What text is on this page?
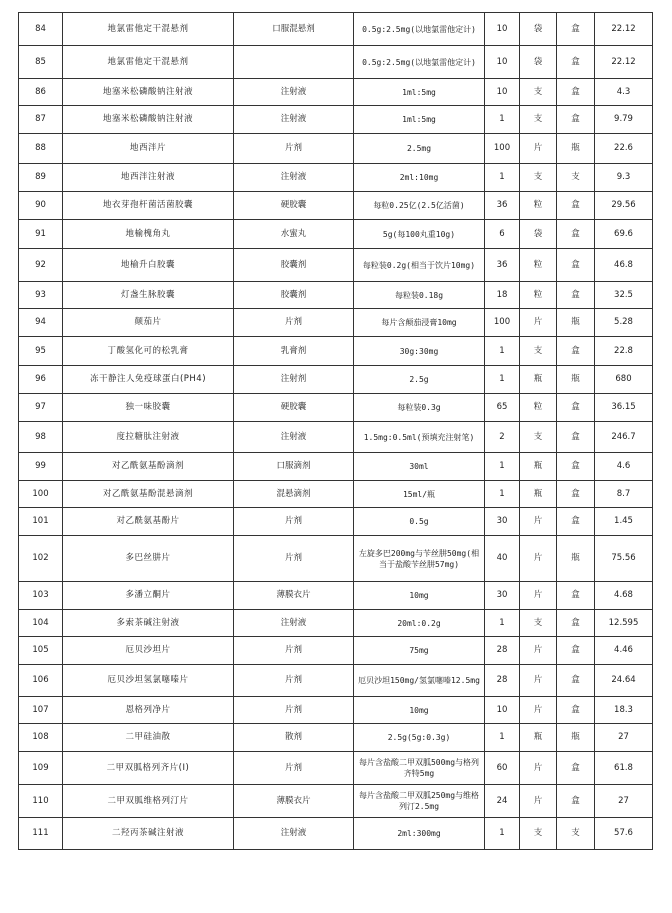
84	地氯雷他定干混悬剂	口服混悬剂	0.5g:2.5mg(以地氯雷他定计)	10	袋	盒	22.12
85	地氯雷他定干混悬剂		0.5g:2.5mg(以地氯雷他定计)	10	袋	盒	22.12
86	地塞米松磷酸钠注射液	注射液	1ml:5mg	10	支	盒	4.3
87	地塞米松磷酸钠注射液	注射液	1ml:5mg	1	支	盒	9.79
88	地西泮片	片剂	2.5mg	100	片	瓶	22.6
89	地西泮注射液	注射液	2ml:10mg	1	支	支	9.3
90	地衣芽孢杆菌活菌胶囊	硬胶囊	每粒0.25亿(2.5亿活菌)	36	粒	盒	29.56
91	地榆槐角丸	水蜜丸	5g(每100丸重10g)	6	袋	盒	69.6
92	地榆升白胶囊	胶囊剂	每粒装0.2g(相当于饮片10mg)	36	粒	盒	46.8
93	灯盏生脉胶囊	胶囊剂	每粒装0.18g	18	粒	盒	32.5
94	颠茄片	片剂	每片含颠茄浸膏10mg	100	片	瓶	5.28
95	丁酸氢化可的松乳膏	乳膏剂	30g:30mg	1	支	盒	22.8
96	冻干静注人免疫球蛋白(PH4)	注射剂	2.5g	1	瓶	瓶	680
97	独一味胶囊	硬胶囊	每粒装0.3g	65	粒	盒	36.15
98	度拉糖肽注射液	注射液	1.5mg:0.5ml(预填充注射笔)	2	支	盒	246.7
99	对乙酰氨基酚滴剂	口服滴剂	30ml	1	瓶	盒	4.6
100	对乙酰氨基酚混悬滴剂	混悬滴剂	15ml/瓶	1	瓶	盒	8.7
101	对乙酰氨基酚片	片剂	0.5g	30	片	盒	1.45
102	多巴丝肼片	片剂	左旋多巴200mg与苄丝肼50mg(相当于盐酸苄丝肼57mg)	40	片	瓶	75.56
103	多潘立酮片	薄膜衣片	10mg	30	片	盒	4.68
104	多索茶碱注射液	注射液	20ml:0.2g	1	支	盒	12.595
105	厄贝沙坦片	片剂	75mg	28	片	盒	4.46
106	厄贝沙坦氢氯噻嗪片	片剂	厄贝沙坦150mg/氢氯噻嗪12.5mg	28	片	盒	24.64
107	恩格列净片	片剂	10mg	10	片	盒	18.3
108	二甲硅油散	散剂	2.5g(5g:0.3g)	1	瓶	瓶	27
109	二甲双胍格列齐片(Ⅰ)	片剂	每片含盐酸二甲双胍500mg与格列齐特5mg	60	片	盒	61.8
110	二甲双胍维格列汀片	薄膜衣片	每片含盐酸二甲双胍250mg与维格列汀2.5mg	24	片	盒	27
111	二羟丙茶碱注射液	注射液	2ml:300mg	1	支	支	57.6
